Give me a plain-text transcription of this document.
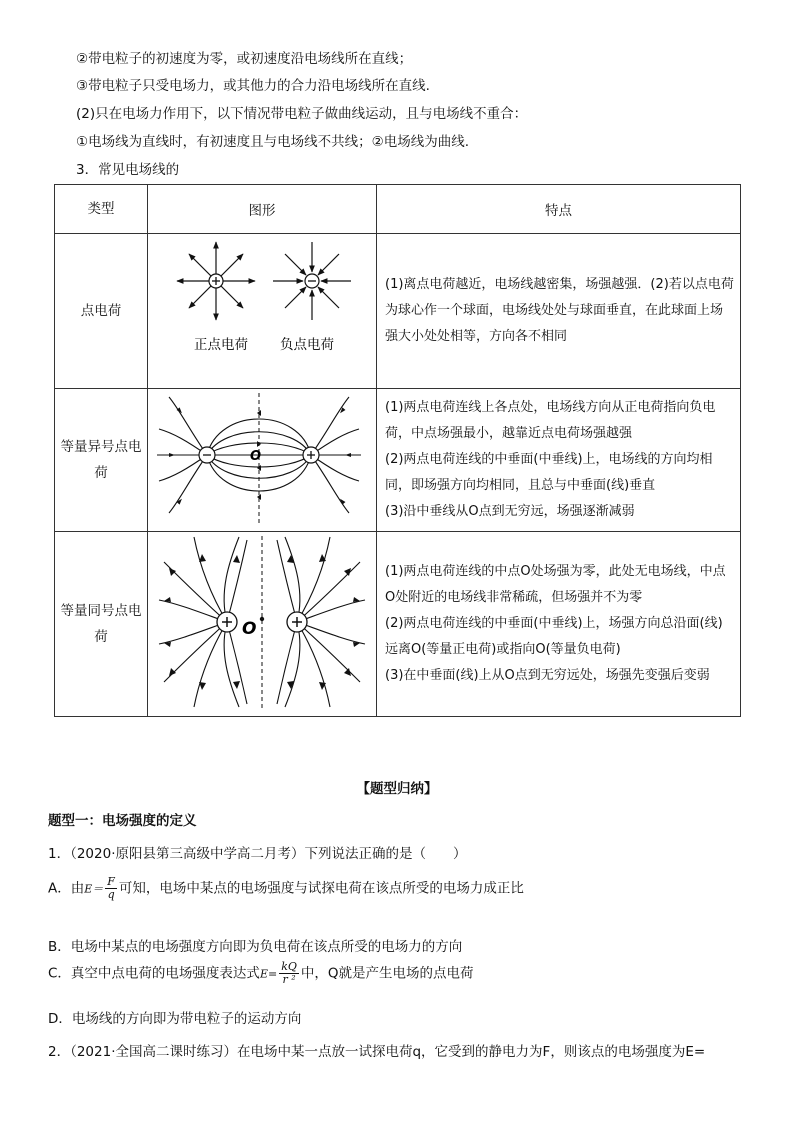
②带电粒子的初速度为零，或初速度沿电场线所在直线；
③带电粒子只受电场力，或其他力的合力沿电场线所在直线.
(2)只在电场力作用下，以下情况带电粒子做曲线运动，且与电场线不重合：
①电场线为直线时，有初速度且与电场线不共线；②电场线为曲线.
3．常见电场线的
类型	图形	特点
点电荷	正点电荷 负点电荷	(1)离点电荷越近，电场线越密集，场强越强．(2)若以点电荷为球心作一个球面，电场线处处与球面垂直，在此球面上场强大小处处相等，方向各不相同

等量异号点电荷	O	(1)两点电荷连线上各点处，电场线方向从正电荷指向负电荷，中点场强最小，越靠近点电荷场强越强

(2)两点电荷连线的中垂面(中垂线)上，电场线的方向均相同，即场强方向均相同，且总与中垂面(线)垂直

(3)沿中垂线从O点到无穷远，场强逐渐减弱

等量同号点电荷	O	(1)两点电荷连线的中点O处场强为零，此处无电场线，中点O处附近的电场线非常稀疏，但场强并不为零

(2)两点电荷连线的中垂面(中垂线)上，场强方向总沿面(线)远离O(等量正电荷)或指向O(等量负电荷)

(3)在中垂面(线)上从O点到无穷远处，场强先变强后变弱

【题型归纳】
题型一：电场强度的定义
1．（2020·原阳县第三高级中学高二月考）下列说法正确的是（　　）
A．由$E= \frac{F}{q}$ 可知，电场中某点的电场强度与试探电荷在该点所受的电场力成正比
B．电场中某点的电场强度方向即为负电荷在该点所受的电场力的方向
C．真空中点电荷的电场强度表达式$E= \frac{kQ}{\text{r ²}}$ 中，Q就是产生电场的点电荷
D．电场线的方向即为带电粒子的运动方向
2．（2021·全国高二课时练习）在电场中某一点放一试探电荷q，它受到的静电力为F，则该点的电场强度为E=
